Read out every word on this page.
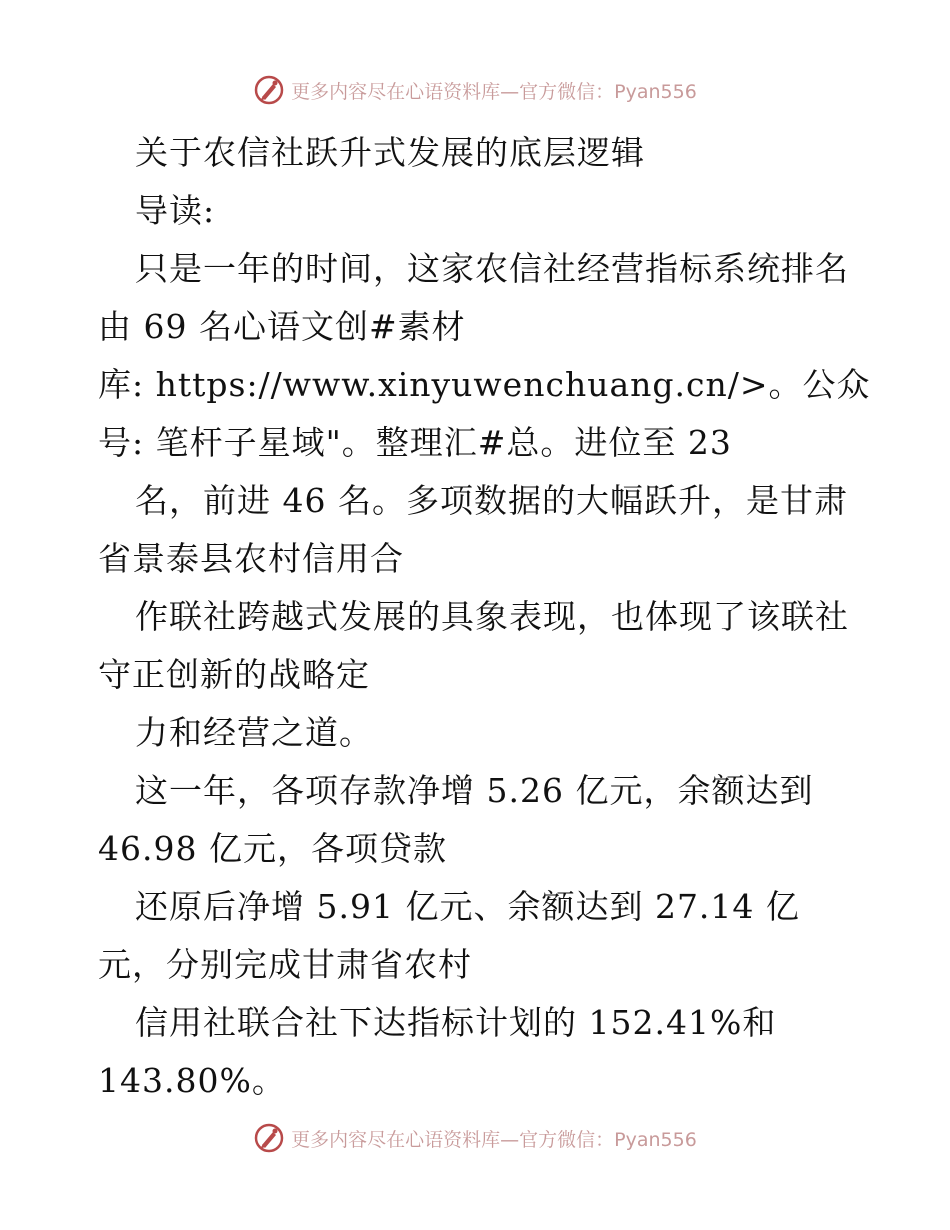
更多内容尽在心语资料库—官方微信：Pyan556
关于农信社跃升式发展的底层逻辑
导读:
只是一年的时间，这家农信社经营指标系统排名
由 69 名心语文创#素材
库: https://www.xinyuwenchuang.cn/>。公众
号: 笔杆子星域"。整理汇#总。进位至 23
名，前进 46 名。多项数据的大幅跃升，是甘肃
省景泰县农村信用合
作联社跨越式发展的具象表现，也体现了该联社
守正创新的战略定
力和经营之道。
这一年，各项存款净增 5.26 亿元，余额达到
46.98 亿元，各项贷款
还原后净增 5.91 亿元、余额达到 27.14 亿
元，分别完成甘肃省农村
信用社联合社下达指标计划的 152.41%和
143.80%。
更多内容尽在心语资料库—官方微信：Pyan556
